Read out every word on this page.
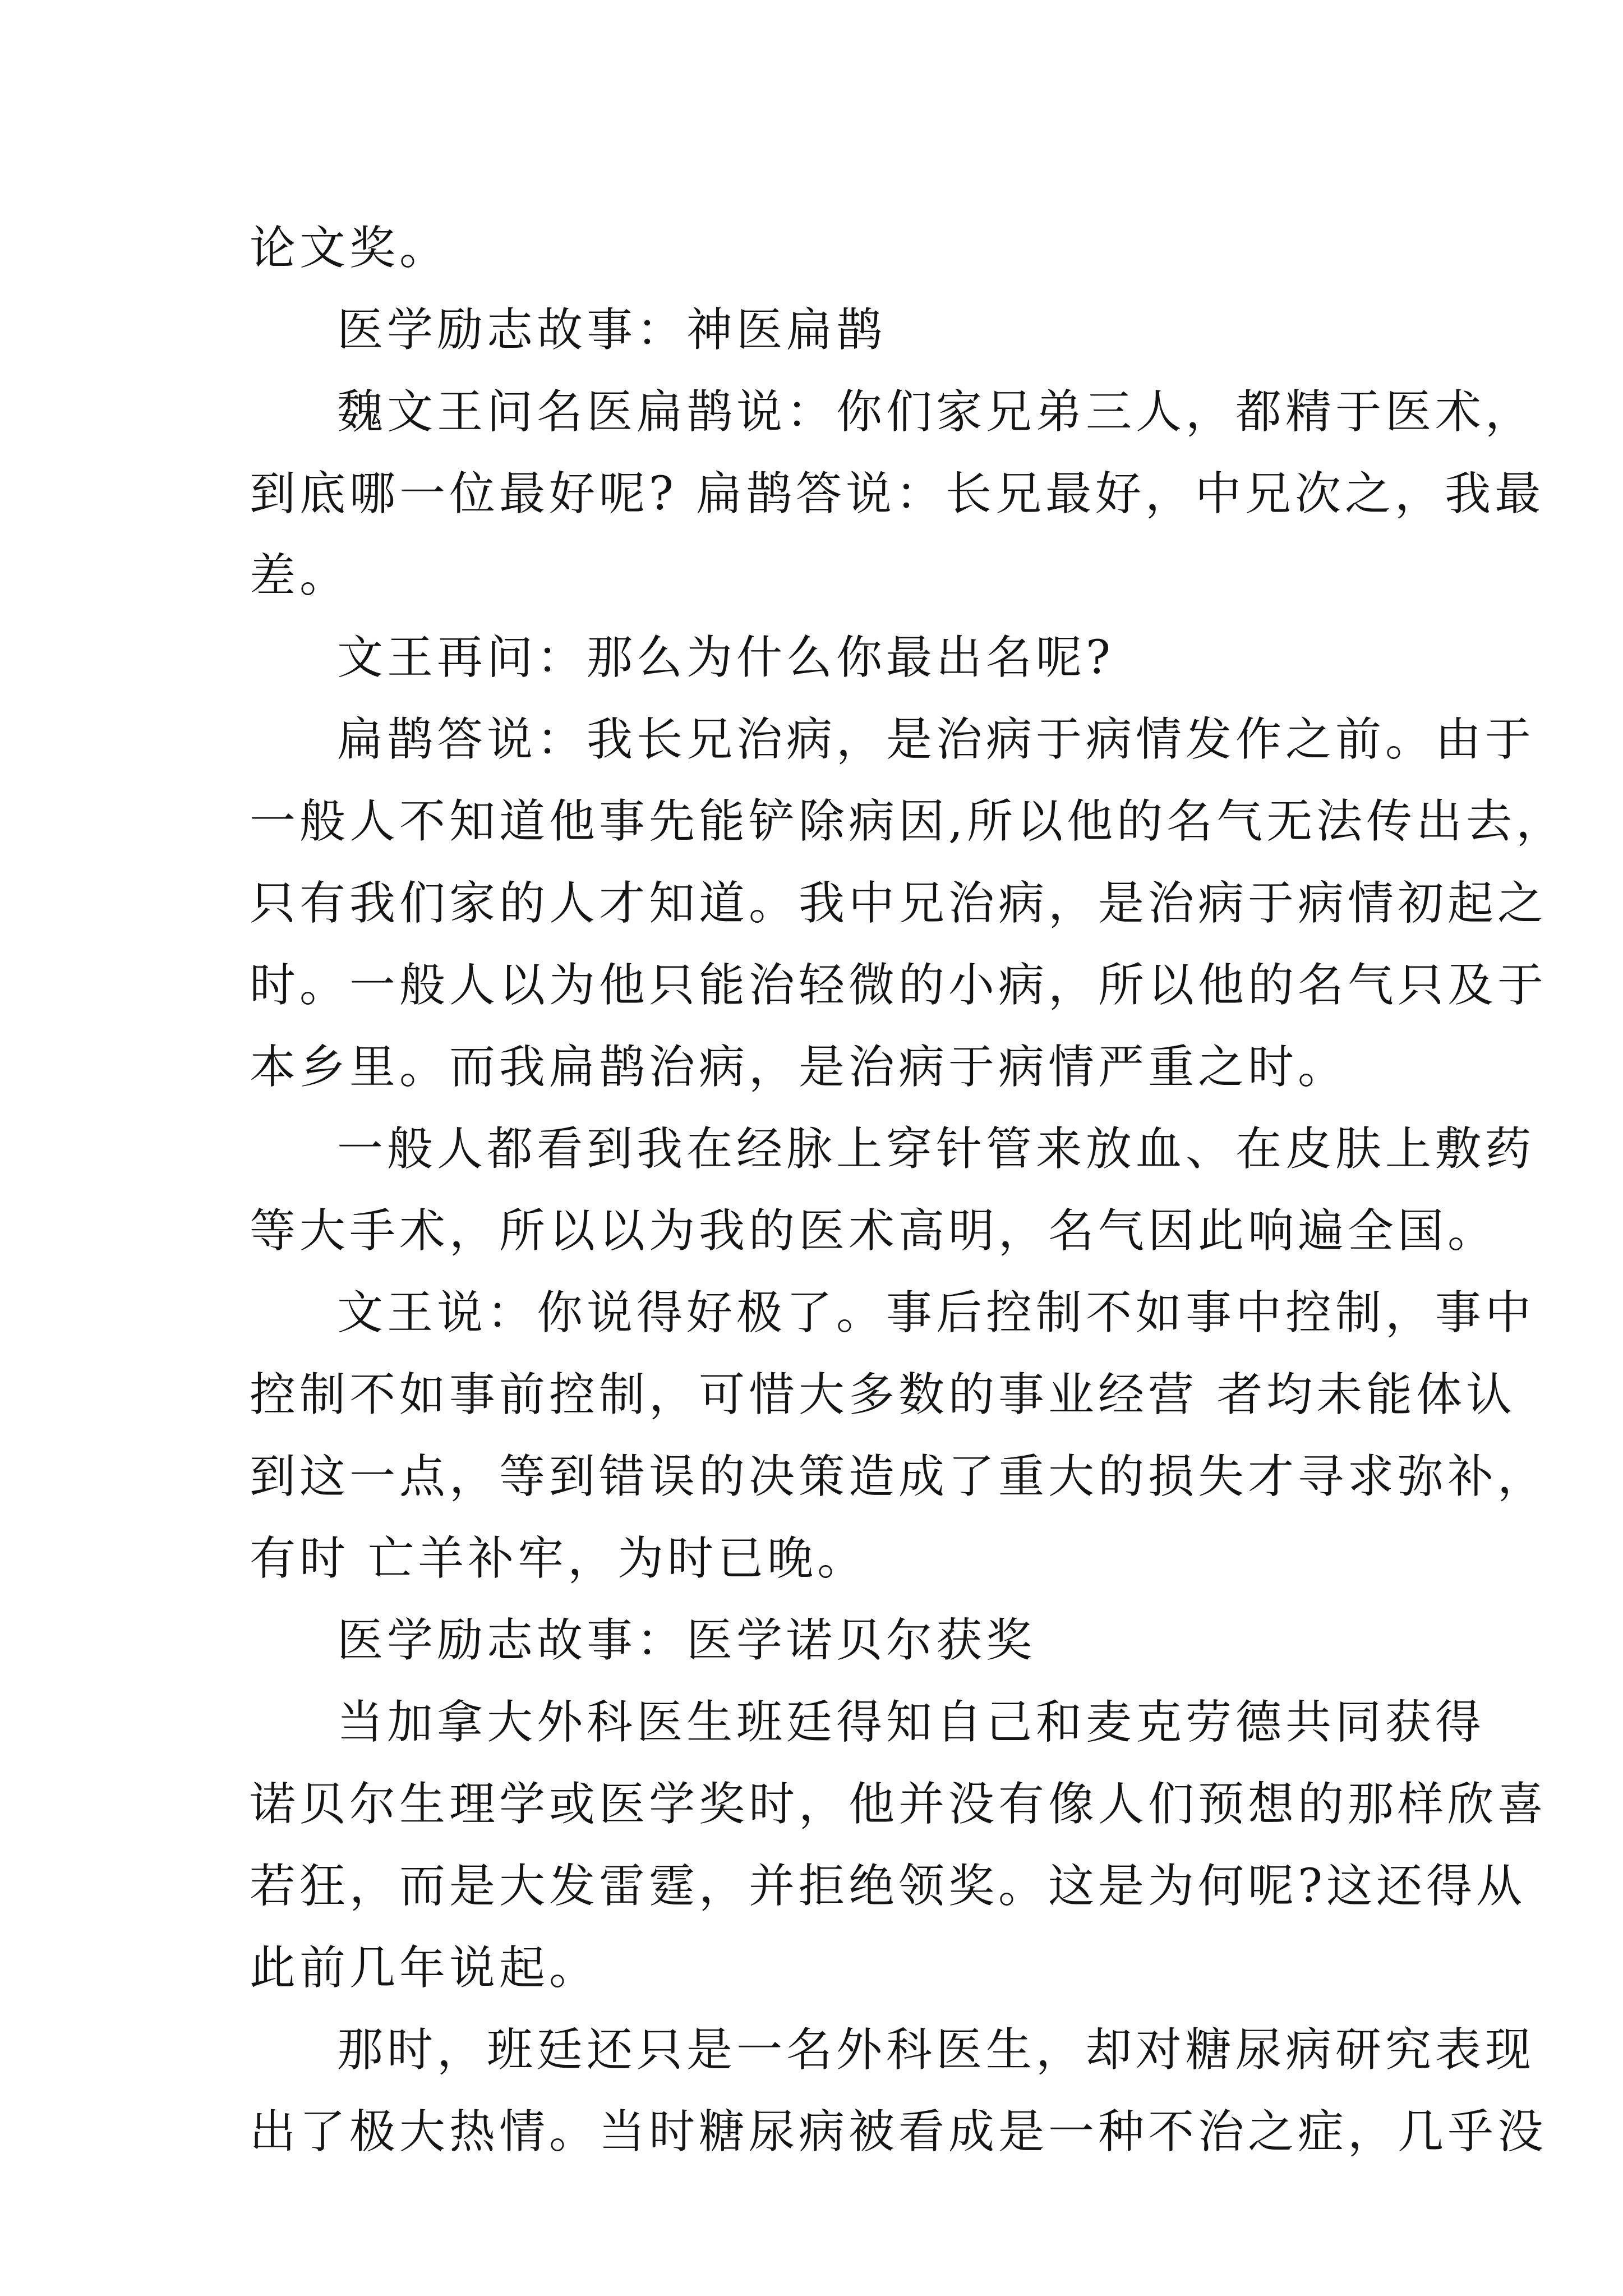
论文奖。

医学励志故事：神医扁鹊

魏文王问名医扁鹊说：你们家兄弟三人，都精于医术，

到底哪一位最好呢? 扁鹊答说：长兄最好，中兄次之，我最

差。

文王再问：那么为什么你最出名呢?

扁鹊答说：我长兄治病，是治病于病情发作之前。由于

一般人不知道他事先能铲除病因,所以他的名气无法传出去，

只有我们家的人才知道。我中兄治病，是治病于病情初起之

时。一般人以为他只能治轻微的小病，所以他的名气只及于

本乡里。而我扁鹊治病，是治病于病情严重之时。

一般人都看到我在经脉上穿针管来放血、在皮肤上敷药

等大手术，所以以为我的医术高明，名气因此响遍全国。

文王说：你说得好极了。事后控制不如事中控制，事中

控制不如事前控制，可惜大多数的事业经营 者均未能体认

到这一点，等到错误的决策造成了重大的损失才寻求弥补，

有时 亡羊补牢，为时已晚。

医学励志故事：医学诺贝尔获奖

当加拿大外科医生班廷得知自己和麦克劳德共同获得

诺贝尔生理学或医学奖时，他并没有像人们预想的那样欣喜

若狂，而是大发雷霆，并拒绝领奖。这是为何呢?这还得从

此前几年说起。

那时，班廷还只是一名外科医生，却对糖尿病研究表现

出了极大热情。当时糖尿病被看成是一种不治之症，几乎没
